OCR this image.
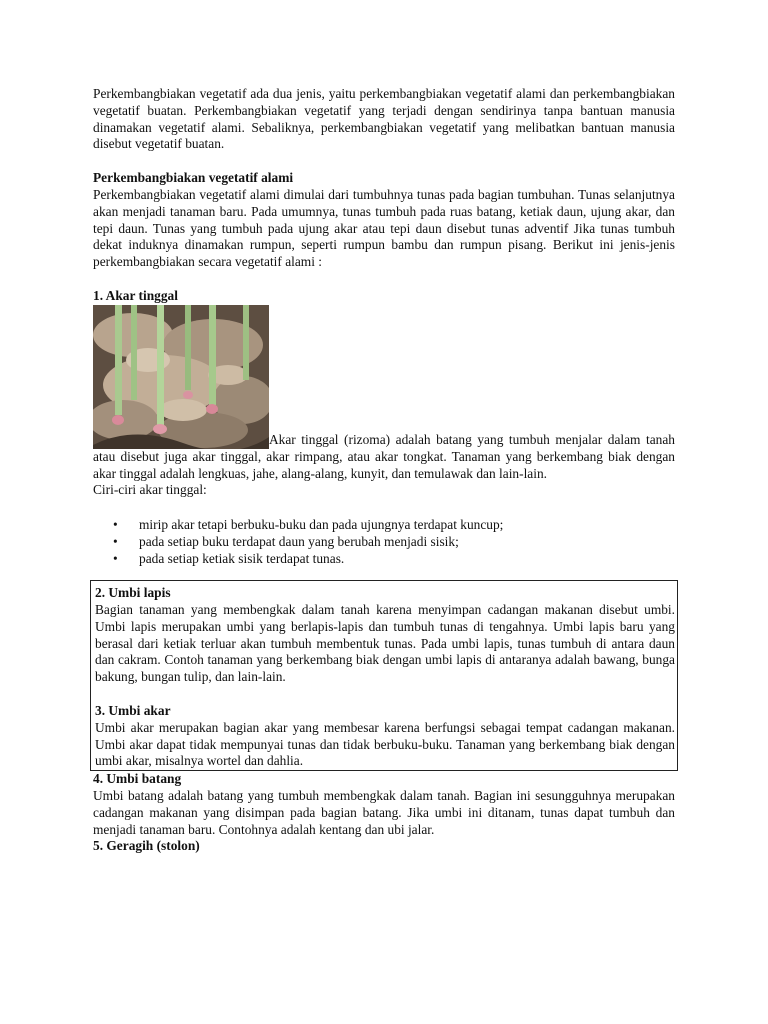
Perkembangbiakan vegetatif ada dua jenis, yaitu perkembangbiakan vegetatif alami dan perkembangbiakan vegetatif buatan. Perkembangbiakan vegetatif yang terjadi dengan sendirinya tanpa bantuan manusia dinamakan vegetatif alami. Sebaliknya, perkembangbiakan vegetatif yang melibatkan bantuan manusia disebut vegetatif buatan.

Perkembangbiakan vegetatif alami

Perkembangbiakan vegetatif alami dimulai dari tumbuhnya tunas pada bagian tumbuhan. Tunas selanjutnya akan menjadi tanaman baru. Pada umumnya, tunas tumbuh pada ruas batang, ketiak daun, ujung akar, dan tepi daun. Tunas yang tumbuh pada ujung akar atau tepi daun disebut tunas adventif Jika tunas tumbuh dekat induknya dinamakan rumpun, seperti rumpun bambu dan rumpun pisang. Berikut ini jenis-jenis perkembangbiakan secara vegetatif alami :

1. Akar tinggal

Akar tinggal (rizoma) adalah batang yang tumbuh menjalar dalam tanah atau disebut juga akar tinggal, akar rimpang, atau akar tongkat. Tanaman yang berkembang biak dengan akar tinggal adalah lengkuas, jahe, alang-alang, kunyit, dan temulawak dan lain-lain.

Ciri-ciri akar tinggal:

• mirip akar tetapi berbuku-buku dan pada ujungnya terdapat kuncup;
• pada setiap buku terdapat daun yang berubah menjadi sisik;
• pada setiap ketiak sisik terdapat tunas.
2. Umbi lapis

Bagian tanaman yang membengkak dalam tanah karena menyimpan cadangan makanan disebut umbi. Umbi lapis merupakan umbi yang berlapis-lapis dan tumbuh tunas di tengahnya. Umbi lapis baru yang berasal dari ketiak terluar akan tumbuh membentuk tunas. Pada umbi lapis, tunas tumbuh di antara daun dan cakram. Contoh tanaman yang berkembang biak dengan umbi lapis di antaranya adalah bawang, bunga bakung, bungan tulip, dan lain-lain.

3. Umbi akar

Umbi akar merupakan bagian akar yang membesar karena berfungsi sebagai tempat cadangan makanan. Umbi akar dapat tidak mempunyai tunas dan tidak berbuku-buku. Tanaman yang berkembang biak dengan umbi akar, misalnya wortel dan dahlia.

4. Umbi batang

Umbi batang adalah batang yang tumbuh membengkak dalam tanah. Bagian ini sesungguhnya merupakan cadangan makanan yang disimpan pada bagian batang. Jika umbi ini ditanam, tunas dapat tumbuh dan menjadi tanaman baru. Contohnya adalah kentang dan ubi jalar.

5. Geragih (stolon)
